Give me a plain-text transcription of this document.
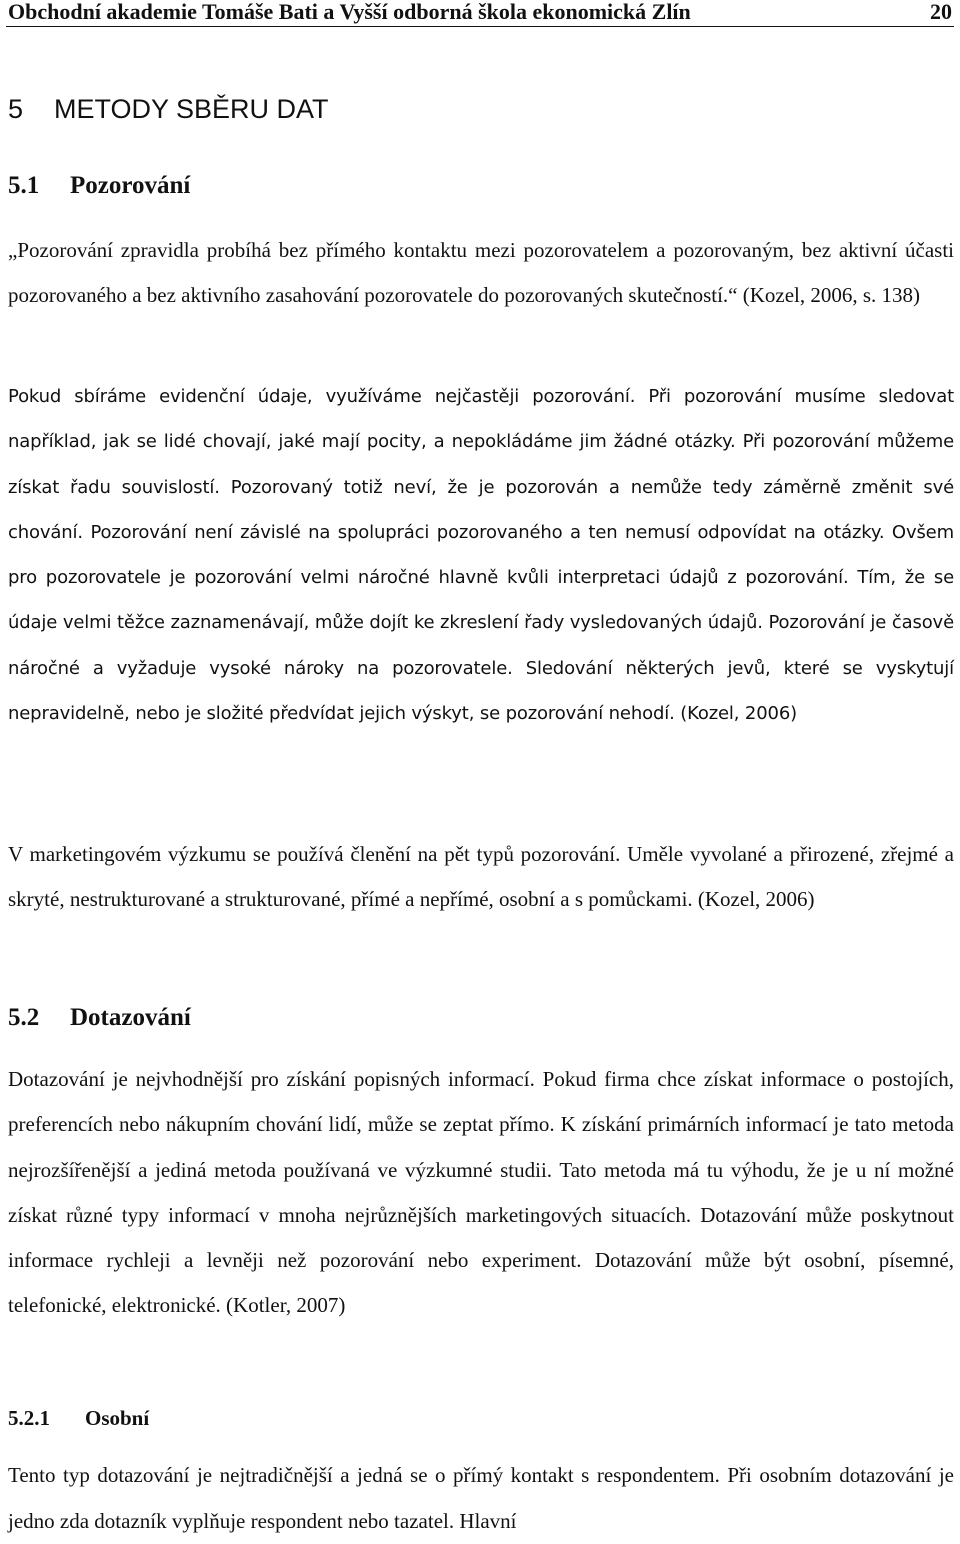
Obchodní akademie Tomáše Bati a Vyšší odborná škola ekonomická Zlín	20
5 METODY SBĚRU DAT
5.1 Pozorování

„Pozorování zpravidla probíhá bez přímého kontaktu mezi pozorovatelem a pozorovaným, bez aktivní účasti pozorovaného a bez aktivního zasahování pozorovatele do pozorovaných skutečností.“ (Kozel, 2006, s. 138)

Pokud sbíráme evidenční údaje, využíváme nejčastěji pozorování. Při pozorování musíme sledovat například, jak se lidé chovají, jaké mají pocity, a nepokládáme jim žádné otázky. Při pozorování můžeme získat řadu souvislostí. Pozorovaný totiž neví, že je pozorován a nemůže tedy záměrně změnit své chování. Pozorování není závislé na spolupráci pozorovaného a ten nemusí odpovídat na otázky. Ovšem pro pozorovatele je pozorování velmi náročné hlavně kvůli interpretaci údajů z pozorování. Tím, že se údaje velmi těžce zaznamenávají, může dojít ke zkreslení řady vysledovaných údajů. Pozorování je časově náročné a vyžaduje vysoké nároky na pozorovatele. Sledování některých jevů, které se vyskytují nepravidelně, nebo je složité předvídat jejich výskyt, se pozorování nehodí. (Kozel, 2006)

V marketingovém výzkumu se používá členění na pět typů pozorování. Uměle vyvolané a přirozené, zřejmé a skryté, nestrukturované a strukturované, přímé a nepřímé, osobní a s pomůckami. (Kozel, 2006)

5.2 Dotazování

Dotazování je nejvhodnější pro získání popisných informací. Pokud firma chce získat informace o postojích, preferencích nebo nákupním chování lidí, může se zeptat přímo. K získání primárních informací je tato metoda nejrozšířenější a jediná metoda používaná ve výzkumné studii. Tato metoda má tu výhodu, že je u ní možné získat různé typy informací v mnoha nejrůznějších marketingových situacích. Dotazování může poskytnout informace rychleji a levněji než pozorování nebo experiment. Dotazování může být osobní, písemné, telefonické, elektronické. (Kotler, 2007)

5.2.1 Osobní

Tento typ dotazování je nejtradičnější a jedná se o přímý kontakt s respondentem. Při osobním dotazování je jedno zda dotazník vyplňuje respondent nebo tazatel. Hlavní
